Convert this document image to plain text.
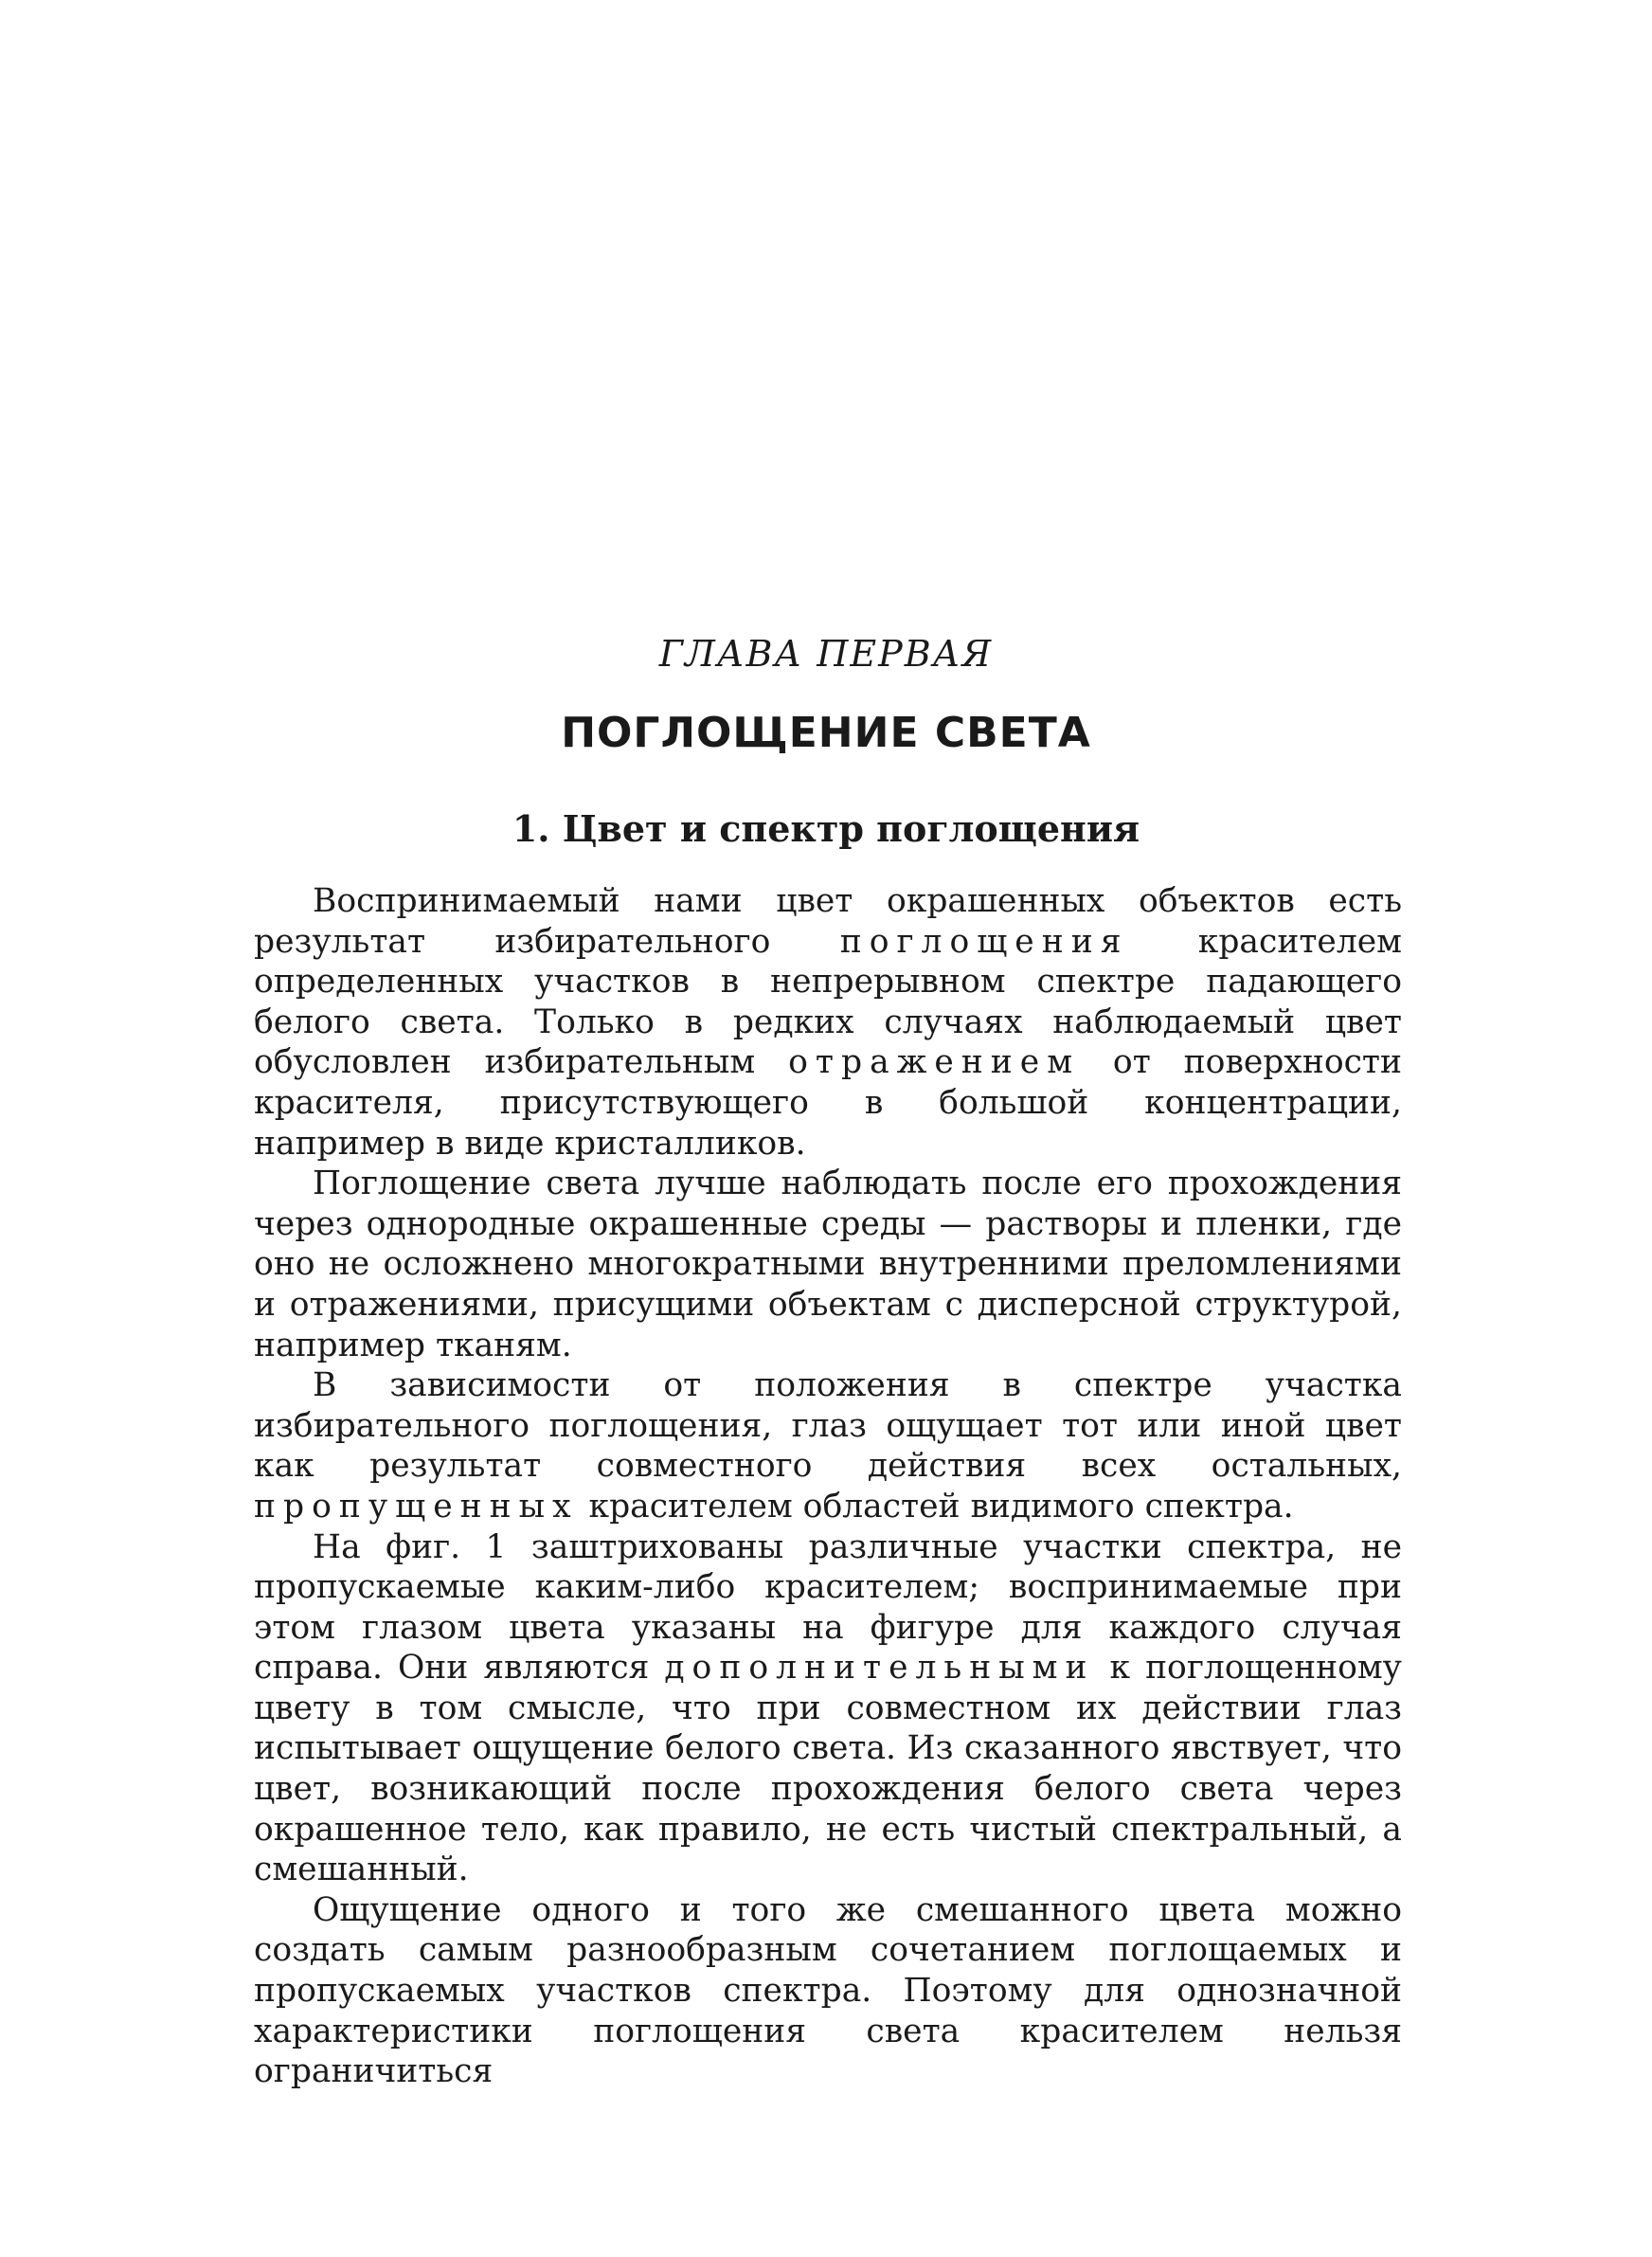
ГЛАВА ПЕРВАЯ
ПОГЛОЩЕНИЕ СВЕТА
1. Цвет и спектр поглощения

Воспринимаемый нами цвет окрашенных объектов есть результат избирательного поглощения красителем определенных участков в непрерывном спектре падающего белого света. Только в редких случаях наблюдаемый цвет обусловлен избирательным отражением от поверхности красителя, присутствующего в большой концентрации, например в виде кристалликов.

Поглощение света лучше наблюдать после его прохождения через однородные окрашенные среды — растворы и пленки, где оно не осложнено многократными внутренними преломлениями и отражениями, присущими объектам с дисперсной структурой, например тканям.

В зависимости от положения в спектре участка избирательного поглощения, глаз ощущает тот или иной цвет как результат совместного действия всех остальных, пропущенных красителем областей видимого спектра.

На фиг. 1 заштрихованы различные участки спектра, не пропускаемые каким-либо красителем; воспринимаемые при этом глазом цвета указаны на фигуре для каждого случая справа. Они являются дополнительными к поглощенному цвету в том смысле, что при совместном их действии глаз испытывает ощущение белого света. Из сказанного явствует, что цвет, возникающий после прохождения белого света через окрашенное тело, как правило, не есть чистый спектральный, а смешанный.

Ощущение одного и того же смешанного цвета можно создать самым разнообразным сочетанием поглощаемых и пропускаемых участков спектра. Поэтому для однозначной характеристики поглощения света красителем нельзя ограничиться
